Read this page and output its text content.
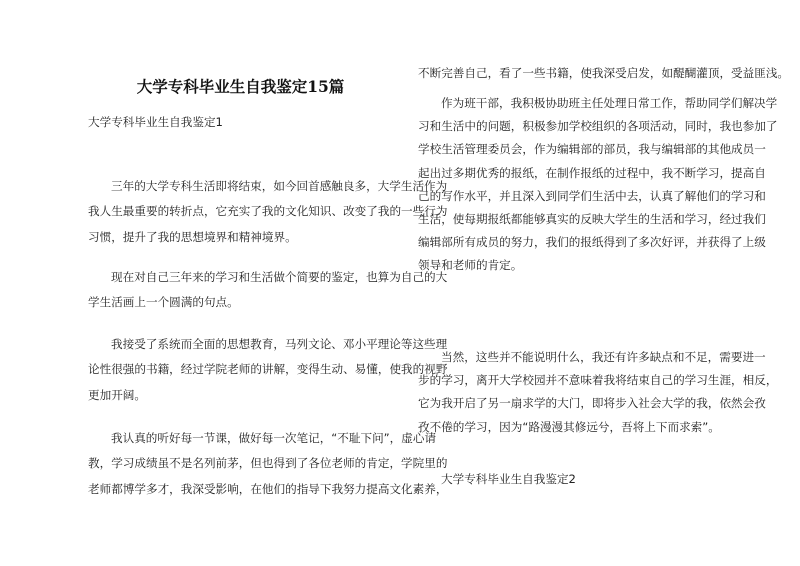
大学专科毕业生自我鉴定15篇
大学专科毕业生自我鉴定1
三年的大学专科生活即将结束，如今回首感触良多，大学生活作为
我人生最重要的转折点，它充实了我的文化知识、改变了我的一些行为
习惯，提升了我的思想境界和精神境界。
现在对自己三年来的学习和生活做个简要的鉴定，也算为自己的大
学生活画上一个圆满的句点。
我接受了系统而全面的思想教育，马列文论、邓小平理论等这些理
论性很强的书籍，经过学院老师的讲解，变得生动、易懂，使我的视野
更加开阔。
我认真的听好每一节课，做好每一次笔记，“不耻下问”，虚心请
教，学习成绩虽不是名列前茅，但也得到了各位老师的肯定，学院里的
老师都博学多才，我深受影响，在他们的指导下我努力提高文化素养，
不断完善自己，看了一些书籍，使我深受启发，如醍醐灌顶，受益匪浅。
作为班干部，我积极协助班主任处理日常工作，帮助同学们解决学
习和生活中的问题，积极参加学校组织的各项活动，同时，我也参加了
学校生活管理委员会，作为编辑部的部员，我与编辑部的其他成员一
起出过多期优秀的报纸，在制作报纸的过程中，我不断学习，提高自
己的写作水平，并且深入到同学们生活中去，认真了解他们的学习和
生活，使每期报纸都能够真实的反映大学生的生活和学习，经过我们
编辑部所有成员的努力，我们的报纸得到了多次好评，并获得了上级
领导和老师的肯定。
当然，这些并不能说明什么，我还有许多缺点和不足，需要进一
步的学习，离开大学校园并不意味着我将结束自己的学习生涯，相反，
它为我开启了另一扇求学的大门，即将步入社会大学的我，依然会孜
孜不倦的学习，因为“路漫漫其修远兮，吾将上下而求索”。
大学专科毕业生自我鉴定2
